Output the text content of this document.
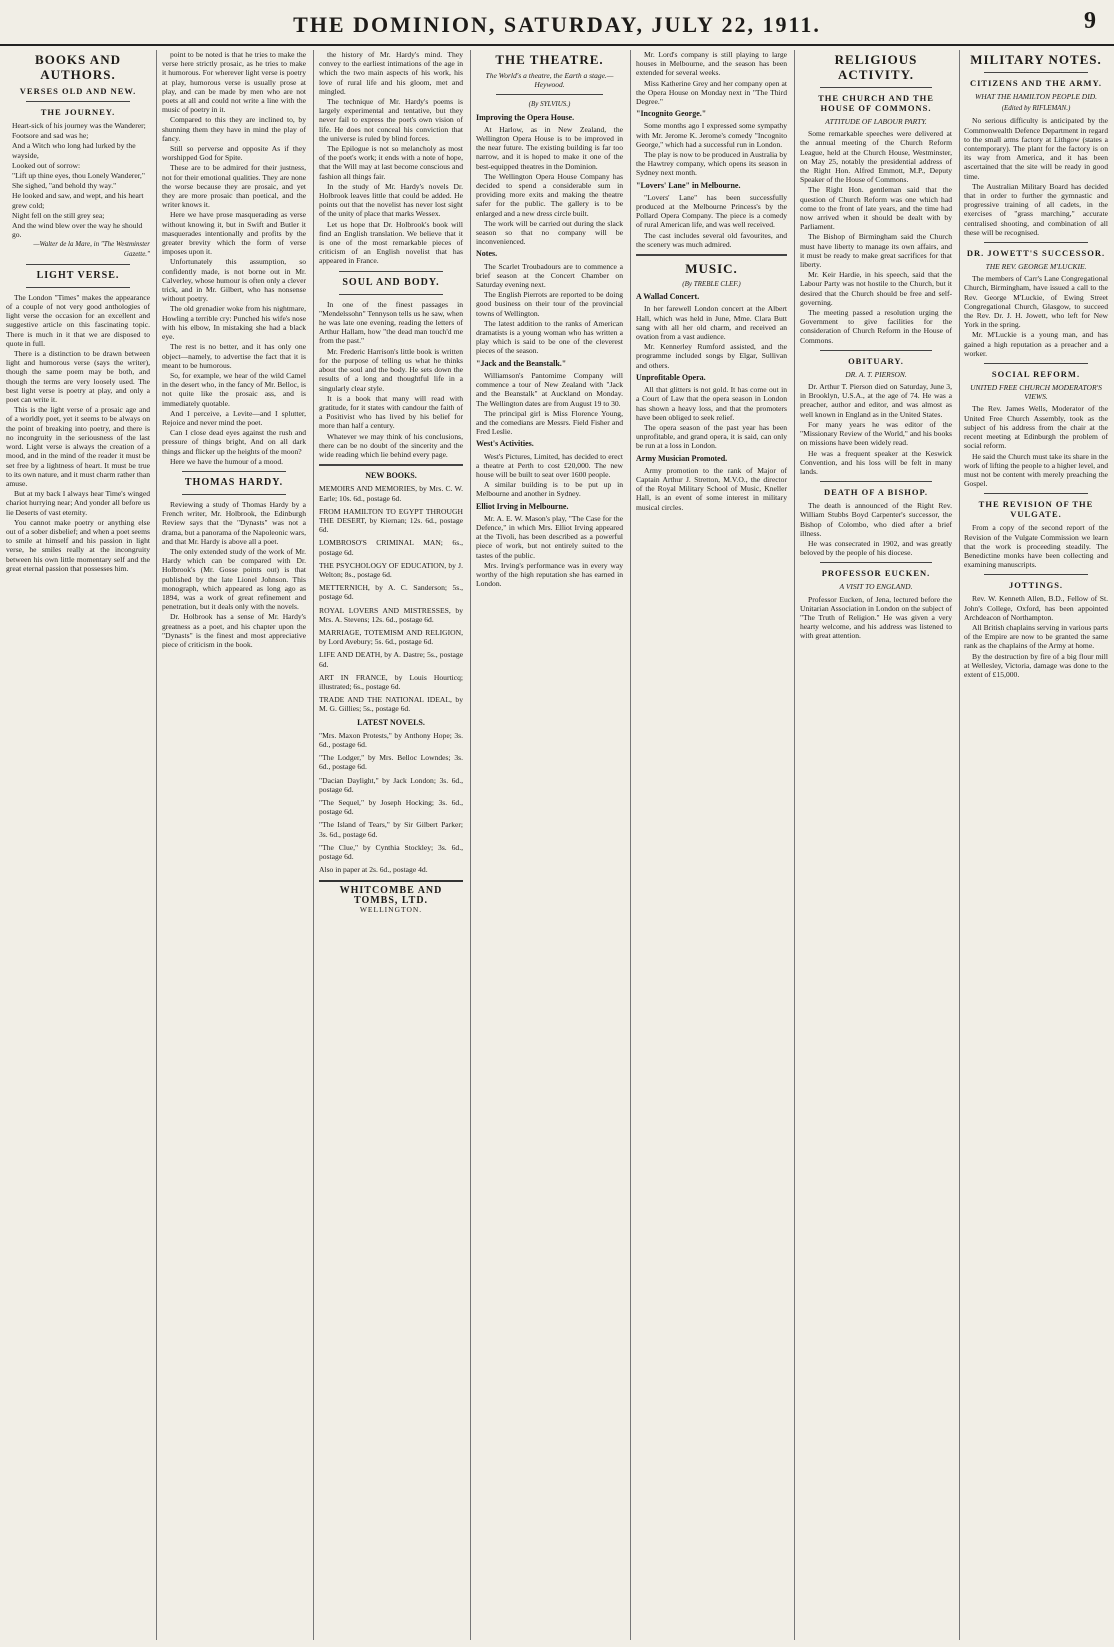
THE DOMINION, SATURDAY, JULY 22, 1911.	9
BOOKS AND AUTHORS.
VERSES OLD AND NEW.
THE JOURNEY.

Heart-sick of his journey was the Wanderer;

Footsore and sad was he;

And a Witch who long had lurked by the wayside,

Looked out of sorrow:

"Lift up thine eyes, thou Lonely Wanderer,"

She sighed, "and behold thy way."

He looked and saw, and wept, and his heart grew cold;

Night fell on the still grey sea;

And the wind blew over the way he should go.

—Walter de la Mare, in "The Westminster Gazette."
LIGHT VERSE.

The London "Times" makes the appearance of a couple of not very good anthologies of light verse the occasion for an excellent and suggestive article on this fascinating topic. There is much in it that we are disposed to quote in full.

There is a distinction to be drawn between light and humorous verse (says the writer), though the same poem may be both, and though the terms are very loosely used. The best light verse is poetry at play, and only a poet can write it.

This is the light verse of a prosaic age and of a worldly poet, yet it seems to be always on the point of breaking into poetry, and there is no incongruity in the seriousness of the last word. Light verse is always the creation of a mood, and in the mind of the reader it must be set free by a lightness of heart. It must be true to its own nature, and it must charm rather than amuse.

But at my back I always hear Time's winged chariot hurrying near; And yonder all before us lie Deserts of vast eternity.

You cannot make poetry or anything else out of a sober disbelief; and when a poet seems to smile at himself and his passion in light verse, he smiles really at the incongruity between his own little momentary self and the great eternal passion that possesses him.

point to be noted is that he tries to make the verse here strictly prosaic, as he tries to make it humorous. For wherever light verse is poetry at play, humorous verse is usually prose at play, and can be made by men who are not poets at all and could not write a line with the music of poetry in it.

Compared to this they are inclined to, by shunning them they have in mind the play of fancy.

Still so perverse and opposite As if they worshipped God for Spite.

These are to be admired for their justness, not for their emotional qualities. They are none the worse because they are prosaic, and yet they are more prosaic than poetical, and the writer knows it.

Here we have prose masquerading as verse without knowing it, but in Swift and Butler it masquerades intentionally and profits by the greater brevity which the form of verse imposes upon it.

Unfortunately this assumption, so confidently made, is not borne out in Mr. Calverley, whose humour is often only a clever trick, and in Mr. Gilbert, who has nonsense without poetry.

The old grenadier woke from his nightmare, Howling a terrible cry: Punched his wife's nose with his elbow, In mistaking she had a black eye.

The rest is no better, and it has only one object—namely, to advertise the fact that it is meant to be humorous.

So, for example, we hear of the wild Camel in the desert who, in the fancy of Mr. Belloc, is not quite like the prosaic ass, and is immediately quotable.

And I perceive, a Levite—and I splutter, Rejoice and never mind the poet.

Can I close dead eyes against the rush and pressure of things bright, And on all dark things and flicker up the heights of the moon?

Here we have the humour of a mood.

THOMAS HARDY.

Reviewing a study of Thomas Hardy by a French writer, Mr. Holbrook, the Edinburgh Review says that the "Dynasts" was not a drama, but a panorama of the Napoleonic wars, and that Mr. Hardy is above all a poet.

The only extended study of the work of Mr. Hardy which can be compared with Dr. Holbrook's (Mr. Gosse points out) is that published by the late Lionel Johnson. This monograph, which appeared as long ago as 1894, was a work of great refinement and penetration, but it deals only with the novels.

Dr. Holbrook has a sense of Mr. Hardy's greatness as a poet, and his chapter upon the "Dynasts" is the finest and most appreciative piece of criticism in the book.

the history of Mr. Hardy's mind. They convey to the earliest intimations of the age in which the two main aspects of his work, his love of rural life and his gloom, met and mingled.

The technique of Mr. Hardy's poems is largely experimental and tentative, but they never fail to express the poet's own vision of life. He does not conceal his conviction that the universe is ruled by blind forces.

The Epilogue is not so melancholy as most of the poet's work; it ends with a note of hope, that the Will may at last become conscious and fashion all things fair.

In the study of Mr. Hardy's novels Dr. Holbrook leaves little that could be added. He points out that the novelist has never lost sight of the unity of place that marks Wessex.

Let us hope that Dr. Holbrook's book will find an English translation. We believe that it is one of the most remarkable pieces of criticism of an English novelist that has appeared in France.

SOUL AND BODY.

In one of the finest passages in "Mendelssohn" Tennyson tells us he saw, when he was late one evening, reading the letters of Arthur Hallam, how "the dead man touch'd me from the past."

Mr. Frederic Harrison's little book is written for the purpose of telling us what he thinks about the soul and the body. He sets down the results of a long and thoughtful life in a singularly clear style.

It is a book that many will read with gratitude, for it states with candour the faith of a Positivist who has lived by his belief for more than half a century.

Whatever we may think of his conclusions, there can be no doubt of the sincerity and the wide reading which lie behind every page.

NEW BOOKS.

MEMOIRS AND MEMORIES, by Mrs. C. W. Earle; 10s. 6d., postage 6d.

FROM HAMILTON TO EGYPT THROUGH THE DESERT, by Kiernan; 12s. 6d., postage 6d.

LOMBROSO'S CRIMINAL MAN; 6s., postage 6d.

THE PSYCHOLOGY OF EDUCATION, by J. Welton; 8s., postage 6d.

METTERNICH, by A. C. Sanderson; 5s., postage 6d.

ROYAL LOVERS AND MISTRESSES, by Mrs. A. Stevens; 12s. 6d., postage 6d.

MARRIAGE, TOTEMISM AND RELIGION, by Lord Avebury; 5s. 6d., postage 6d.

LIFE AND DEATH, by A. Dastre; 5s., postage 6d.

ART IN FRANCE, by Louis Hourticq; illustrated; 6s., postage 6d.

TRADE AND THE NATIONAL IDEAL, by M. G. Gillies; 5s., postage 6d.

LATEST NOVELS.

"Mrs. Maxon Protests," by Anthony Hope; 3s. 6d., postage 6d.

"The Lodger," by Mrs. Belloc Lowndes; 3s. 6d., postage 6d.

"Dacian Daylight," by Jack London; 3s. 6d., postage 6d.

"The Sequel," by Joseph Hocking; 3s. 6d., postage 6d.

"The Island of Tears," by Sir Gilbert Parker; 3s. 6d., postage 6d.

"The Clue," by Cynthia Stockley; 3s. 6d., postage 6d.

Also in paper at 2s. 6d., postage 4d.

WHITCOMBE AND TOMBS, LTD.
WELLINGTON.
THE THEATRE.
The World's a theatre, the Earth a stage.—Heywood.
(By SYLVIUS.)

Improving the Opera House.

At Harlow, as in New Zealand, the Wellington Opera House is to be improved in the near future. The existing building is far too narrow, and it is hoped to make it one of the best-equipped theatres in the Dominion.

The Wellington Opera House Company has decided to spend a considerable sum in providing more exits and making the theatre safer for the public. The gallery is to be enlarged and a new dress circle built.

The work will be carried out during the slack season so that no company will be inconvenienced.

Notes.

The Scarlet Troubadours are to commence a brief season at the Concert Chamber on Saturday evening next.

The English Pierrots are reported to be doing good business on their tour of the provincial towns of Wellington.

The latest addition to the ranks of American dramatists is a young woman who has written a play which is said to be one of the cleverest pieces of the season.

"Jack and the Beanstalk."

Williamson's Pantomime Company will commence a tour of New Zealand with "Jack and the Beanstalk" at Auckland on Monday. The Wellington dates are from August 19 to 30.

The principal girl is Miss Florence Young, and the comedians are Messrs. Field Fisher and Fred Leslie.

West's Activities.

West's Pictures, Limited, has decided to erect a theatre at Perth to cost £20,000. The new house will be built to seat over 1600 people.

A similar building is to be put up in Melbourne and another in Sydney.

Elliot Irving in Melbourne.

Mr. A. E. W. Mason's play, "The Case for the Defence," in which Mrs. Elliot Irving appeared at the Tivoli, has been described as a powerful piece of work, but not entirely suited to the tastes of the public.

Mrs. Irving's performance was in every way worthy of the high reputation she has earned in London.

Mr. Lord's company is still playing to large houses in Melbourne, and the season has been extended for several weeks.

Miss Katherine Grey and her company open at the Opera House on Monday next in "The Third Degree."

"Incognito George."

Some months ago I expressed some sympathy with Mr. Jerome K. Jerome's comedy "Incognito George," which had a successful run in London.

The play is now to be produced in Australia by the Hawtrey company, which opens its season in Sydney next month.

"Lovers' Lane" in Melbourne.

"Lovers' Lane" has been successfully produced at the Melbourne Princess's by the Pollard Opera Company. The piece is a comedy of rural American life, and was well received.

The cast includes several old favourites, and the scenery was much admired.

MUSIC.
(By TREBLE CLEF.)

A Wallad Concert.

In her farewell London concert at the Albert Hall, which was held in June, Mme. Clara Butt sang with all her old charm, and received an ovation from a vast audience.

Mr. Kennerley Rumford assisted, and the programme included songs by Elgar, Sullivan and others.

Unprofitable Opera.

All that glitters is not gold. It has come out in a Court of Law that the opera season in London has shown a heavy loss, and that the promoters have been obliged to seek relief.

The opera season of the past year has been unprofitable, and grand opera, it is said, can only be run at a loss in London.

Army Musician Promoted.

Army promotion to the rank of Major of Captain Arthur J. Stretton, M.V.O., the director of the Royal Military School of Music, Kneller Hall, is an event of some interest in military musical circles.

RELIGIOUS ACTIVITY.
THE CHURCH AND THE HOUSE OF COMMONS.
ATTITUDE OF LABOUR PARTY.

Some remarkable speeches were delivered at the annual meeting of the Church Reform League, held at the Church House, Westminster, on May 25, notably the presidential address of the Right Hon. Alfred Emmott, M.P., Deputy Speaker of the House of Commons.

The Right Hon. gentleman said that the question of Church Reform was one which had come to the front of late years, and the time had now arrived when it should be dealt with by Parliament.

The Bishop of Birmingham said the Church must have liberty to manage its own affairs, and it must be ready to make great sacrifices for that liberty.

Mr. Keir Hardie, in his speech, said that the Labour Party was not hostile to the Church, but it desired that the Church should be free and self-governing.

The meeting passed a resolution urging the Government to give facilities for the consideration of Church Reform in the House of Commons.

OBITUARY.
DR. A. T. PIERSON.

Dr. Arthur T. Pierson died on Saturday, June 3, in Brooklyn, U.S.A., at the age of 74. He was a preacher, author and editor, and was almost as well known in England as in the United States.

For many years he was editor of the "Missionary Review of the World," and his books on missions have been widely read.

He was a frequent speaker at the Keswick Convention, and his loss will be felt in many lands.

DEATH OF A BISHOP.

The death is announced of the Right Rev. William Stubbs Boyd Carpenter's successor, the Bishop of Colombo, who died after a brief illness.

He was consecrated in 1902, and was greatly beloved by the people of his diocese.

PROFESSOR EUCKEN.
A VISIT TO ENGLAND.

Professor Eucken, of Jena, lectured before the Unitarian Association in London on the subject of "The Truth of Religion." He was given a very hearty welcome, and his address was listened to with great attention.

MILITARY NOTES.
CITIZENS AND THE ARMY.
WHAT THE HAMILTON PEOPLE DID.
(Edited by RIFLEMAN.)

No serious difficulty is anticipated by the Commonwealth Defence Department in regard to the small arms factory at Lithgow (states a contemporary). The plant for the factory is on its way from America, and it has been ascertained that the site will be ready in good time.

The Australian Military Board has decided that in order to further the gymnastic and progressive training of all cadets, in the exercises of "grass marching," accurate centralised shooting, and combination of all these will be recognised.

DR. JOWETT'S SUCCESSOR.
THE REV. GEORGE M'LUCKIE.

The members of Carr's Lane Congregational Church, Birmingham, have issued a call to the Rev. George M'Luckie, of Ewing Street Congregational Church, Glasgow, to succeed the Rev. Dr. J. H. Jowett, who left for New York in the spring.

Mr. M'Luckie is a young man, and has gained a high reputation as a preacher and a worker.

SOCIAL REFORM.
UNITED FREE CHURCH MODERATOR'S VIEWS.

The Rev. James Wells, Moderator of the United Free Church Assembly, took as the subject of his address from the chair at the recent meeting at Edinburgh the problem of social reform.

He said the Church must take its share in the work of lifting the people to a higher level, and must not be content with merely preaching the Gospel.

THE REVISION OF THE VULGATE.

From a copy of the second report of the Revision of the Vulgate Commission we learn that the work is proceeding steadily. The Benedictine monks have been collecting and examining manuscripts.

JOTTINGS.

Rev. W. Kenneth Allen, B.D., Fellow of St. John's College, Oxford, has been appointed Archdeacon of Northampton.

All British chaplains serving in various parts of the Empire are now to be granted the same rank as the chaplains of the Army at home.

By the destruction by fire of a big flour mill at Wellesley, Victoria, damage was done to the extent of £15,000.
